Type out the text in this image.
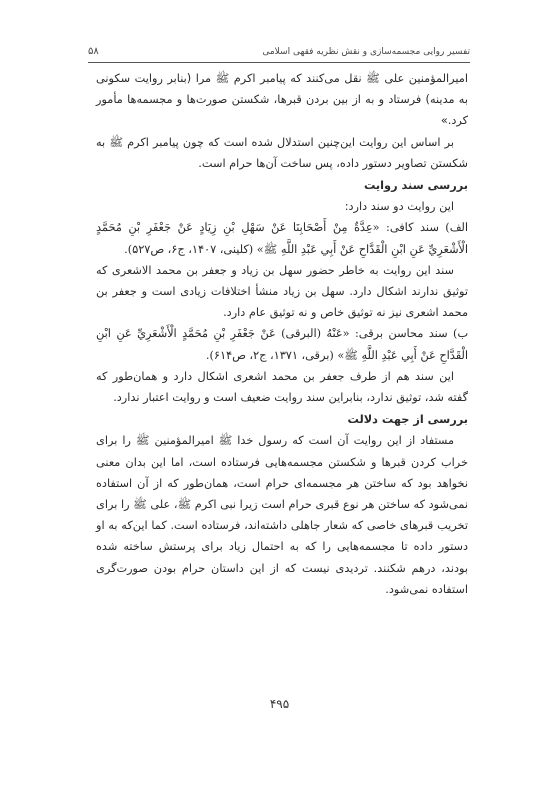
۵۸	تفسیر روایی مجسمه‌سازی و نقش نظریه فقهی اسلامی

امیرالمؤمنین علی ﷺ نقل می‌کنند که پیامبر اکرم ﷺ مرا (بنابر روایت سکونی به مدینه) فرستاد و به از بین بردن قبرها، شکستن صورت‌ها و مجسمه‌ها مأمور کرد.»

بر اساس این روایت این‌چنین استدلال شده است که چون پیامبر اکرم ﷺ به شکستن تصاویر دستور داده، پس ساخت آن‌ها حرام است.

بررسی سند روایت

این روایت دو سند دارد:

الف) سند کافی: «عِدَّةٌ مِنْ أَصْحَابِنَا عَنْ سَهْلِ بْنِ زِيَادٍ عَنْ جَعْفَرِ بْنِ مُحَمَّدٍ الْأَشْعَرِيِّ عَنِ ابْنِ الْقَدَّاحِ عَنْ أَبِي عَبْدِ اللَّهِ ﷺ» (کلینی، ۱۴۰۷، ج۶، ص۵۲۷).

سند این روایت به خاطر حضور سهل بن زیاد و جعفر بن محمد الاشعری که توثیق ندارند اشکال دارد. سهل بن زیاد منشأ اختلافات زیادی است و جعفر بن محمد اشعری نیز نه توثیق خاص و نه توثیق عام دارد.

ب) سند محاسن برقی: «عَنْهُ (البرقی) عَنْ جَعْفَرِ بْنِ مُحَمَّدٍ الْأَشْعَرِيِّ عَنِ ابْنِ الْقَدَّاحِ عَنْ أَبِي عَبْدِ اللَّهِ ﷺ» (برقی، ۱۳۷۱، ج۲، ص۶۱۴).

این سند هم از طرف جعفر بن محمد اشعری اشکال دارد و همان‌طور که گفته شد، توثیق ندارد، بنابراین سند روایت ضعیف است و روایت اعتبار ندارد.

بررسی از جهت دلالت

مستفاد از این روایت آن است که رسول خدا ﷺ امیرالمؤمنین ﷺ را برای خراب کردن قبرها و شکستن مجسمه‌هایی فرستاده است، اما این بدان معنی نخواهد بود که ساختن هر مجسمه‌ای حرام است، همان‌طور که از آن استفاده نمی‌شود که ساختن هر نوع قبری حرام است زیرا نبی اکرم ﷺ، علی ﷺ را برای تخریب قبرهای خاصی که شعار جاهلی داشته‌اند، فرستاده است. کما این‌که به او دستور داده تا مجسمه‌هایی را که به احتمال زیاد برای پرستش ساخته شده بودند، درهم شکنند. تردیدی نیست که از این داستان حرام بودن صورت‌گری استفاده نمی‌شود.

۴۹۵
